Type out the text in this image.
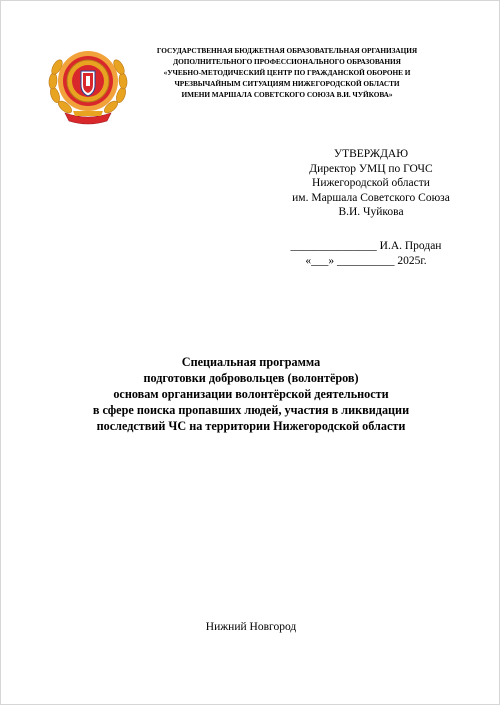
ГОСУДАРСТВЕННАЯ БЮДЖЕТНАЯ ОБРАЗОВАТЕЛЬНАЯ ОРГАНИЗАЦИЯ
ДОПОЛНИТЕЛЬНОГО ПРОФЕССИОНАЛЬНОГО ОБРАЗОВАНИЯ
«УЧЕБНО-МЕТОДИЧЕСКИЙ ЦЕНТР ПО ГРАЖДАНСКОЙ ОБОРОНЕ И
ЧРЕЗВЫЧАЙНЫМ СИТУАЦИЯМ НИЖЕГОРОДСКОЙ ОБЛАСТИ
ИМЕНИ МАРШАЛА СОВЕТСКОГО СОЮЗА В.И. ЧУЙКОВА»
УТВЕРЖДАЮ
Директор УМЦ по ГОЧС
Нижегородской области
им. Маршала Советского Союза
В.И. Чуйкова
_______________ И.А. Продан
«___» __________ 2025г.
Специальная программа
подготовки добровольцев (волонтёров)
основам организации волонтёрской деятельности
в сфере поиска пропавших людей, участия в ликвидации
последствий ЧС на территории Нижегородской области
Нижний Новгород
